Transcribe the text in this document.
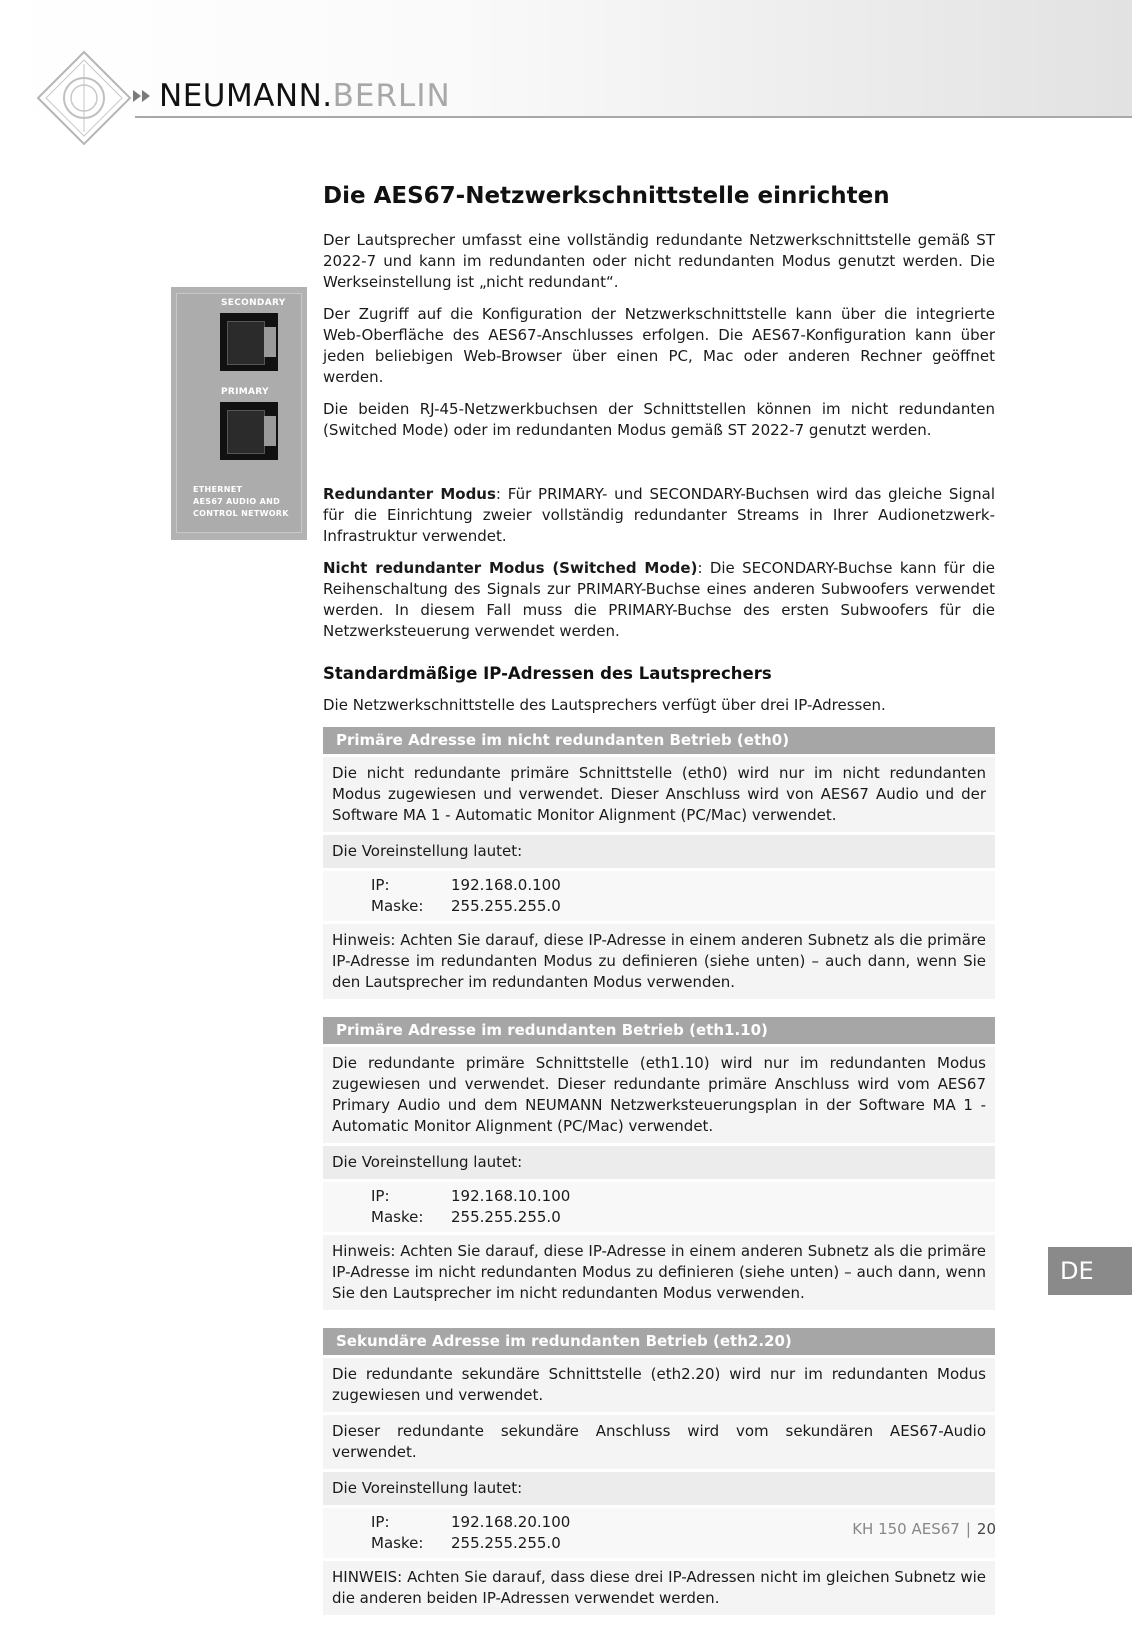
NEUMANN. BERLIN
SECONDARY
PRIMARY
ETHERNET
AES67 AUDIO AND
CONTROL NETWORK
Die AES67-Netzwerkschnittstelle einrichten

Der Lautsprecher umfasst eine vollständig redundante Netzwerkschnittstelle gemäß ST 2022-7 und kann im redundanten oder nicht redundanten Modus genutzt werden. Die Werkseinstellung ist „nicht redundant“.

Der Zugriff auf die Konfiguration der Netzwerkschnittstelle kann über die integrierte Web-Oberfläche des AES67-Anschlusses erfolgen. Die AES67-Konfiguration kann über jeden beliebigen Web-Browser über einen PC, Mac oder anderen Rechner geöffnet werden.

Die beiden RJ-45-Netzwerkbuchsen der Schnittstellen können im nicht redundanten (Switched Mode) oder im redundanten Modus gemäß ST 2022-7 genutzt werden.

Redundanter Modus: Für PRIMARY- und SECONDARY-Buchsen wird das gleiche Signal für die Einrichtung zweier vollständig redundanter Streams in Ihrer Audionetzwerk-Infrastruktur verwendet.

Nicht redundanter Modus (Switched Mode): Die SECONDARY-Buchse kann für die Reihenschaltung des Signals zur PRIMARY-Buchse eines anderen Subwoofers verwendet werden. In diesem Fall muss die PRIMARY-Buchse des ersten Subwoofers für die Netzwerksteuerung verwendet werden.

Standardmäßige IP-Adressen des Lautsprechers

Die Netzwerkschnittstelle des Lautsprechers verfügt über drei IP-Adressen.

Primäre Adresse im nicht redundanten Betrieb (eth0)
Die nicht redundante primäre Schnittstelle (eth0) wird nur im nicht redundanten Modus zugewiesen und verwendet. Dieser Anschluss wird von AES67 Audio und der Software MA 1 - Automatic Monitor Alignment (PC/Mac) verwendet.
Die Voreinstellung lautet:
IP:	192.168.0.100
Maske:	255.255.255.0
Hinweis: Achten Sie darauf, diese IP-Adresse in einem anderen Subnetz als die primäre IP-Adresse im redundanten Modus zu definieren (siehe unten) – auch dann, wenn Sie den Lautsprecher im redundanten Modus verwenden.
Primäre Adresse im redundanten Betrieb (eth1.10)
Die redundante primäre Schnittstelle (eth1.10) wird nur im redundanten Modus zugewiesen und verwendet. Dieser redundante primäre Anschluss wird vom AES67 Primary Audio und dem NEUMANN Netzwerksteuerungsplan in der Software MA 1 - Automatic Monitor Alignment (PC/Mac) verwendet.
Die Voreinstellung lautet:
IP:	192.168.10.100
Maske:	255.255.255.0
Hinweis: Achten Sie darauf, diese IP-Adresse in einem anderen Subnetz als die primäre IP-Adresse im nicht redundanten Modus zu definieren (siehe unten) – auch dann, wenn Sie den Lautsprecher im nicht redundanten Modus verwenden.
Sekundäre Adresse im redundanten Betrieb (eth2.20)
Die redundante sekundäre Schnittstelle (eth2.20) wird nur im redundanten Modus zugewiesen und verwendet.
Dieser redundante sekundäre Anschluss wird vom sekundären AES67-Audio verwendet.
Die Voreinstellung lautet:
IP:	192.168.20.100
Maske:	255.255.255.0
HINWEIS: Achten Sie darauf, dass diese drei IP-Adressen nicht im gleichen Subnetz wie die anderen beiden IP-Adressen verwendet werden.
DE
KH 150 AES67 | 20
